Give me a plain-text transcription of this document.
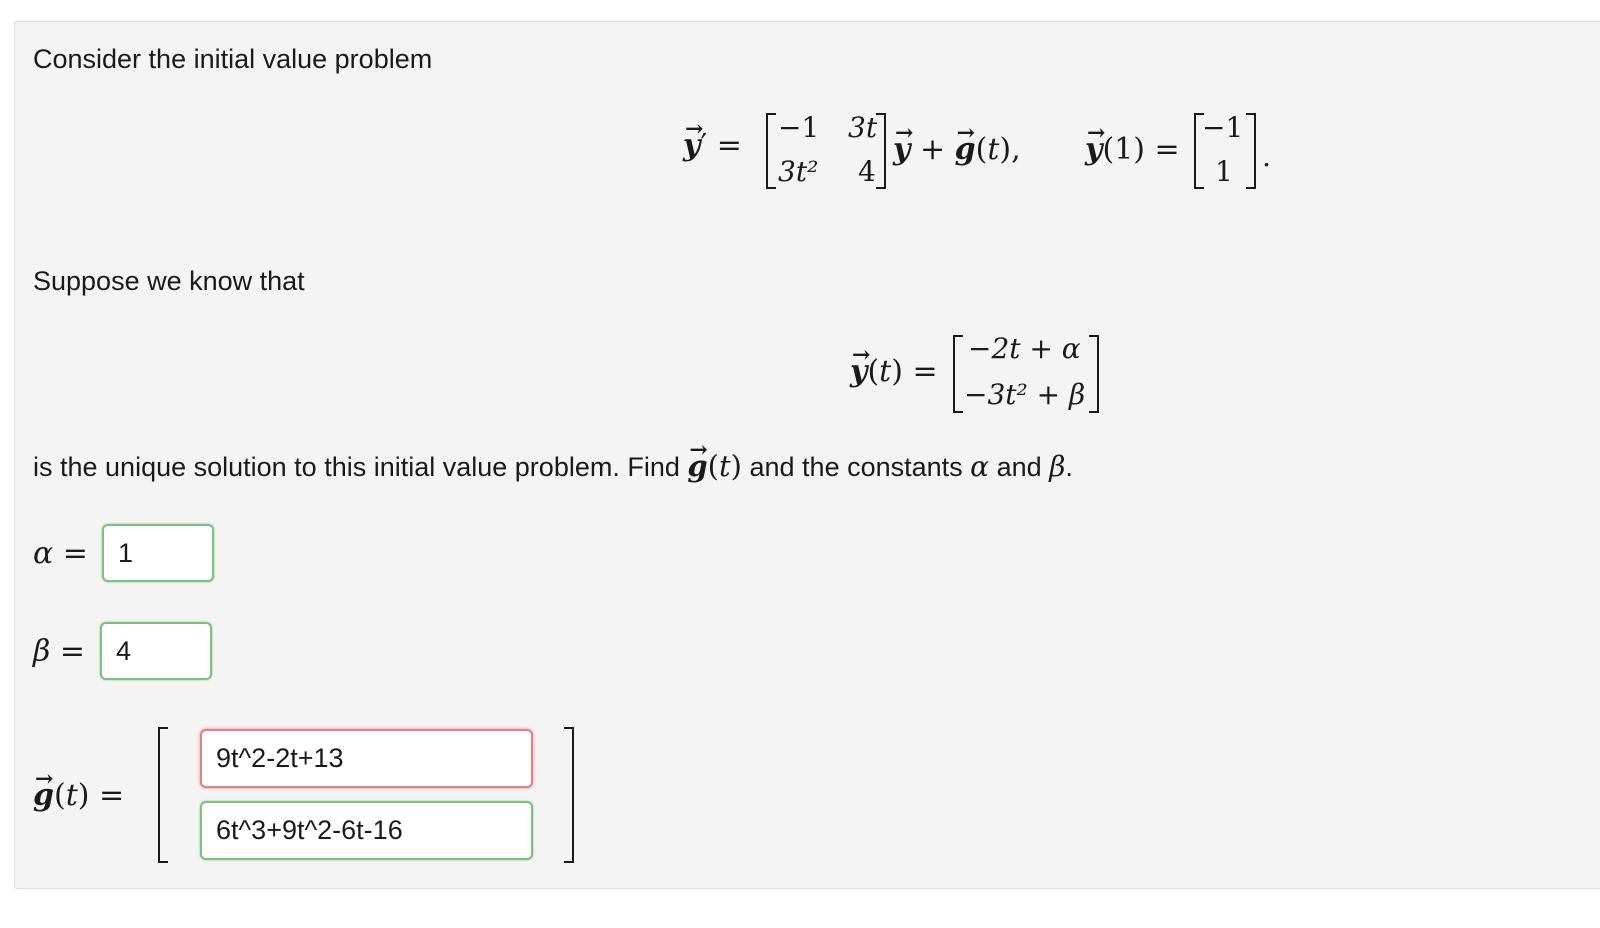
Consider the initial value problem
→ y′ =
−1 3t
3t² 4
→ y + → g(t), → y(1) =
−1
1 .
Suppose we know that
→ y(t) =
−2t + α
−3t² + β
is the unique solution to this initial value problem. Find → g(t) and the constants α and β.
α =
1
β =
4
→ g(t) =
9t^2-2t+13
6t^3+9t^2-6t-16
